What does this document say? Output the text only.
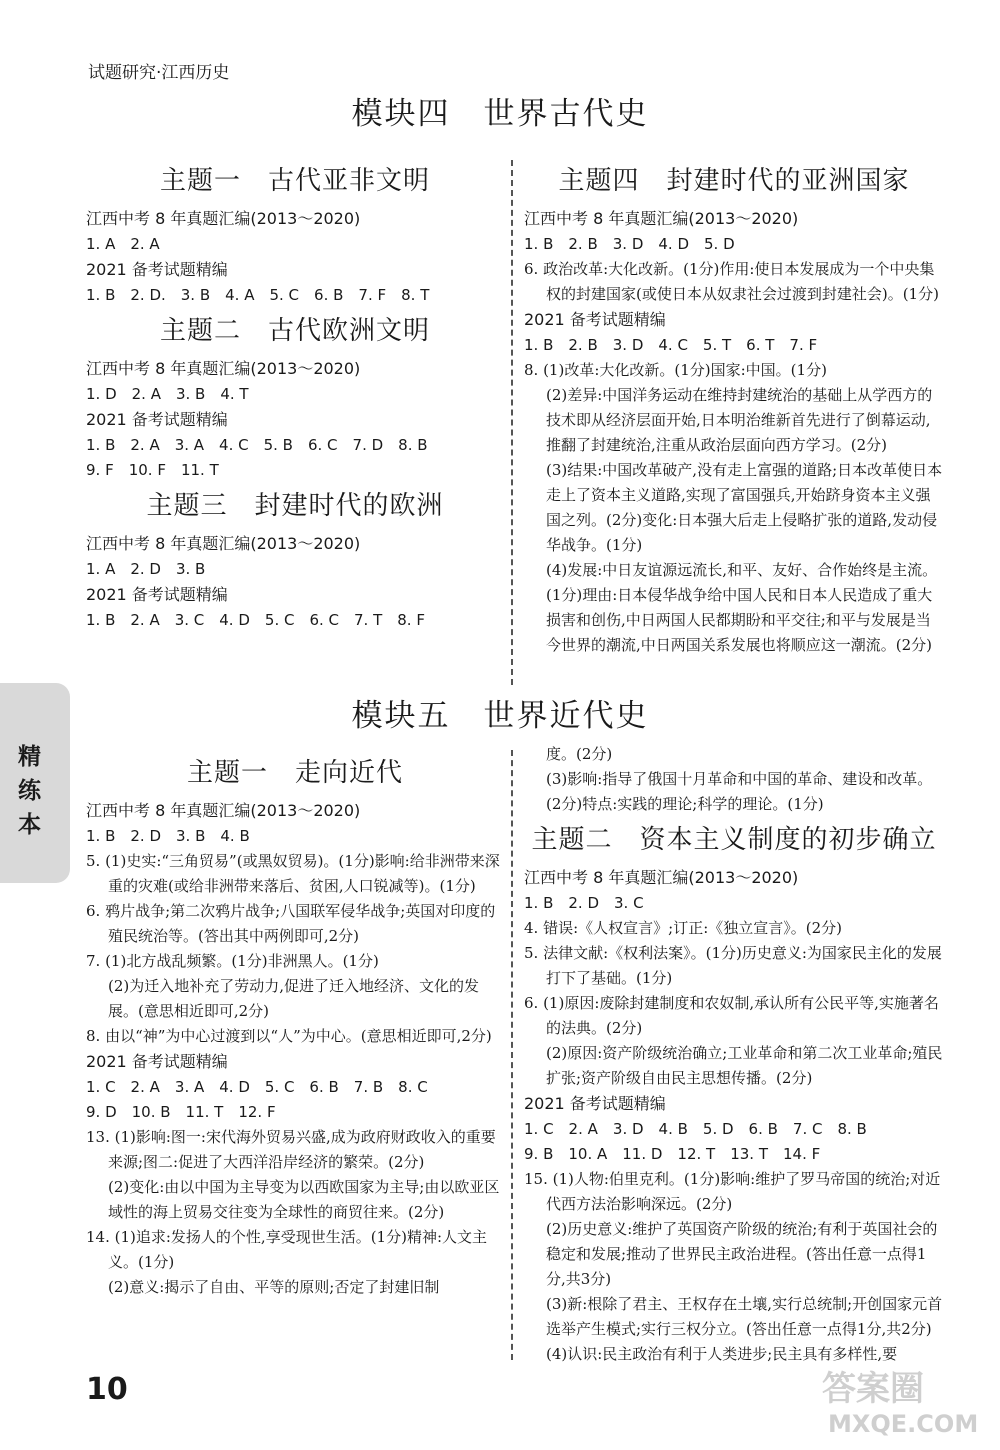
试题研究·江西历史
模块四　世界古代史
主题一　古代亚非文明
江西中考 8 年真题汇编(2013～2020)
1. A　2. A
2021 备考试题精编
1. B　2. D.　3. B　4. A　5. C　6. B　7. F　8. T
主题二　古代欧洲文明
江西中考 8 年真题汇编(2013～2020)
1. D　2. A　3. B　4. T
2021 备考试题精编
1. B　2. A　3. A　4. C　5. B　6. C　7. D　8. B
9. F　10. F　11. T
主题三　封建时代的欧洲
江西中考 8 年真题汇编(2013～2020)
1. A　2. D　3. B
2021 备考试题精编
1. B　2. A　3. C　4. D　5. C　6. C　7. T　8. F
主题四　封建时代的亚洲国家
江西中考 8 年真题汇编(2013～2020)
1. B　2. B　3. D　4. D　5. D
6. 政治改革:大化改新。(1分)作用:使日本发展成为一个中央集权的封建国家(或使日本从奴隶社会过渡到封建社会)。(1分)
2021 备考试题精编
1. B　2. B　3. D　4. C　5. T　6. T　7. F
8. (1)改革:大化改新。(1分)国家:中国。(1分)
(2)差异:中国洋务运动在维持封建统治的基础上从学西方的技术即从经济层面开始,日本明治维新首先进行了倒幕运动,推翻了封建统治,注重从政治层面向西方学习。(2分)
(3)结果:中国改革破产,没有走上富强的道路;日本改革使日本走上了资本主义道路,实现了富国强兵,开始跻身资本主义强国之列。(2分)变化:日本强大后走上侵略扩张的道路,发动侵华战争。(1分)
(4)发展:中日友谊源远流长,和平、友好、合作始终是主流。(1分)理由:日本侵华战争给中国人民和日本人民造成了重大损害和创伤,中日两国人民都期盼和平交往;和平与发展是当今世界的潮流,中日两国关系发展也将顺应这一潮流。(2分)
模块五　世界近代史
主题一　走向近代
江西中考 8 年真题汇编(2013～2020)
1. B　2. D　3. B　4. B
5. (1)史实:“三角贸易”(或黑奴贸易)。(1分)影响:给非洲带来深重的灾难(或给非洲带来落后、贫困,人口锐减等)。(1分)
6. 鸦片战争;第二次鸦片战争;八国联军侵华战争;英国对印度的殖民统治等。(答出其中两例即可,2分)
7. (1)北方战乱频繁。(1分)非洲黑人。(1分)
(2)为迁入地补充了劳动力,促进了迁入地经济、文化的发展。(意思相近即可,2分)
8. 由以“神”为中心过渡到以“人”为中心。(意思相近即可,2分)
2021 备考试题精编
1. C　2. A　3. A　4. D　5. C　6. B　7. B　8. C
9. D　10. B　11. T　12. F
13. (1)影响:图一:宋代海外贸易兴盛,成为政府财政收入的重要来源;图二:促进了大西洋沿岸经济的繁荣。(2分)
(2)变化:由以中国为主导变为以西欧国家为主导;由以欧亚区域性的海上贸易交往变为全球性的商贸往来。(2分)
14. (1)追求:发扬人的个性,享受现世生活。(1分)精神:人文主义。(1分)
(2)意义:揭示了自由、平等的原则;否定了封建旧制
度。(2分)
(3)影响:指导了俄国十月革命和中国的革命、建设和改革。(2分)特点:实践的理论;科学的理论。(1分)
主题二　资本主义制度的初步确立
江西中考 8 年真题汇编(2013～2020)
1. B　2. D　3. C
4. 错误:《人权宣言》;订正:《独立宣言》。(2分)
5. 法律文献:《权利法案》。(1分)历史意义:为国家民主化的发展打下了基础。(1分)
6. (1)原因:废除封建制度和农奴制,承认所有公民平等,实施著名的法典。(2分)
(2)原因:资产阶级统治确立;工业革命和第二次工业革命;殖民扩张;资产阶级自由民主思想传播。(2分)
2021 备考试题精编
1. C　2. A　3. D　4. B　5. D　6. B　7. C　8. B
9. B　10. A　11. D　12. T　13. T　14. F
15. (1)人物:伯里克利。(1分)影响:维护了罗马帝国的统治;对近代西方法治影响深远。(2分)
(2)历史意义:维护了英国资产阶级的统治;有利于英国社会的稳定和发展;推动了世界民主政治进程。(答出任意一点得1分,共3分)
(3)新:根除了君主、王权存在土壤,实行总统制;开创国家元首选举产生模式;实行三权分立。(答出任意一点得1分,共2分)
(4)认识:民主政治有利于人类进步;民主具有多样性,要
精
练
本
10	答案圈
MXQE.COM
